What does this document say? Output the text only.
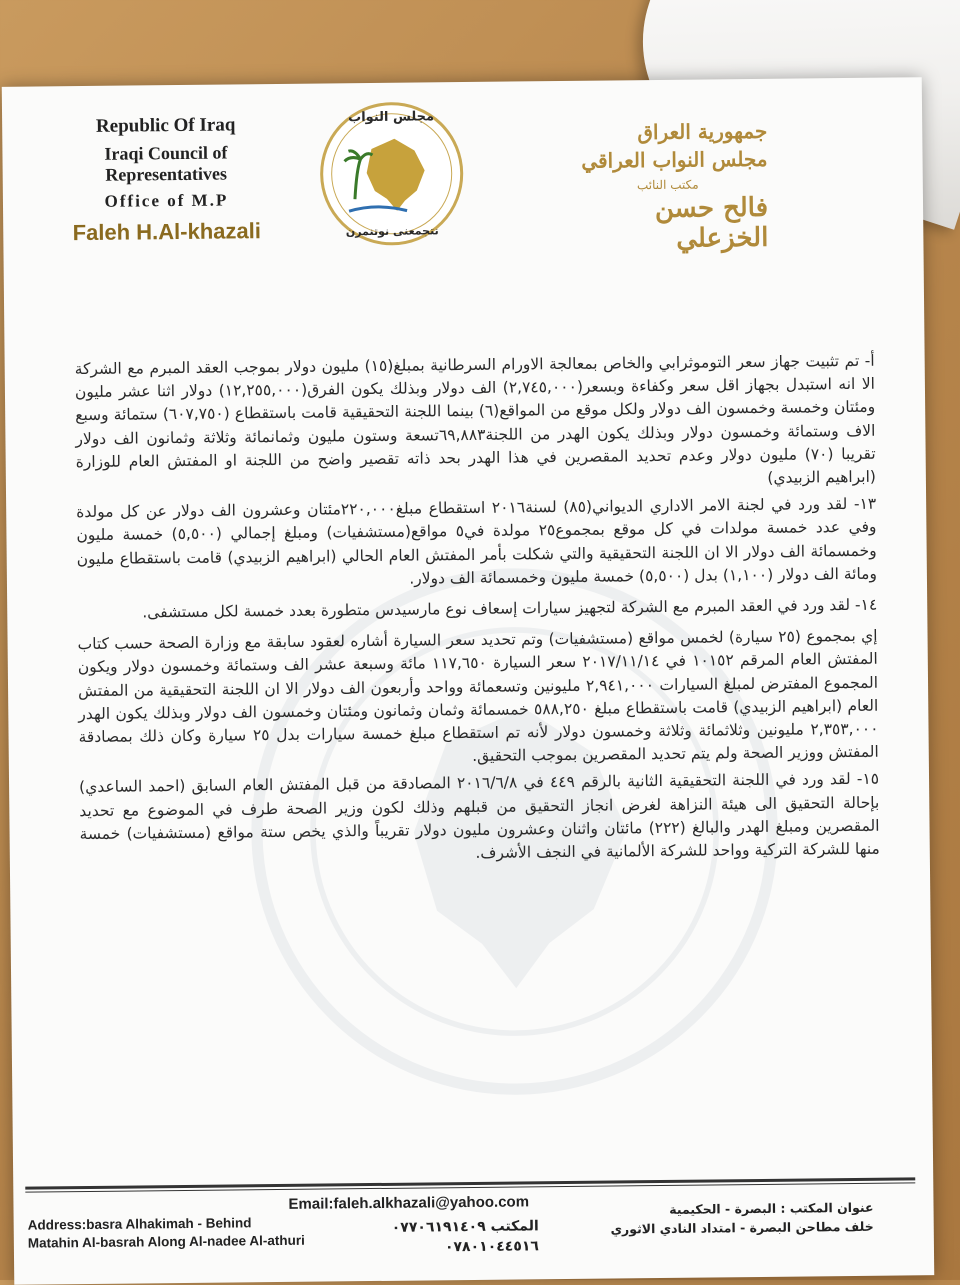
Republic Of Iraq
Iraqi Council of Representatives
Office of M.P
Faleh H.Al-khazali
مجلس النواب
نتجمعنى نوتنمرن
جمهورية العراق
مجلس النواب العراقي
مكتب النائب
فالح حسن الخزعلي

أ- تم تثبيت جهاز سعر التوموثرابي والخاص بمعالجة الاورام السرطانية بمبلغ(١٥) مليون دولار بموجب العقد المبرم مع الشركة الا انه استبدل بجهاز اقل سعر وكفاءة وبسعر(٢,٧٤٥,٠٠٠) الف دولار وبذلك يكون الفرق(١٢,٢٥٥,٠٠٠) دولار اثنا عشر مليون ومئتان وخمسة وخمسون الف دولار ولكل موقع من المواقع(٦) بينما اللجنة التحقيقية قامت باستقطاع (٦٠٧,٧٥٠) ستمائة وسبع الاف وستمائة وخمسون دولار وبذلك يكون الهدر من اللجنة٦٩,٨٨٣تسعة وستون مليون وثمانمائة وثلاثة وثمانون الف دولار تقريبا (٧٠) مليون دولار وعدم تحديد المقصرين في هذا الهدر بحد ذاته تقصير واضح من اللجنة او المفتش العام للوزارة (ابراهيم الزبيدي)

١٣- لقد ورد في لجنة الامر الاداري الديواني(٨٥) لسنة٢٠١٦ استقطاع مبلغ٢٢٠,٠٠٠مئتان وعشرون الف دولار عن كل مولدة وفي عدد خمسة مولدات في كل موقع بمجموع٢٥ مولدة في٥ مواقع(مستشفيات) ومبلغ إجمالي (٥,٥٠٠) خمسة مليون وخمسمائة الف دولار الا ان اللجنة التحقيقية والتي شكلت بأمر المفتش العام الحالي (ابراهيم الزبيدي) قامت باستقطاع مليون ومائة الف دولار (١,١٠٠) بدل (٥,٥٠٠) خمسة مليون وخمسمائة الف دولار.

١٤- لقد ورد في العقد المبرم مع الشركة لتجهيز سيارات إسعاف نوع مارسيدس متطورة بعدد خمسة لكل مستشفى.

إي بمجموع (٢٥ سيارة) لخمس مواقع (مستشفيات) وتم تحديد سعر السيارة أشاره لعقود سابقة مع وزارة الصحة حسب كتاب المفتش العام المرقم ١٠١٥٢ في ٢٠١٧/١١/١٤ سعر السيارة ١١٧,٦٥٠ مائة وسبعة عشر الف وستمائة وخمسون دولار ويكون المجموع المفترض لمبلغ السيارات ٢,٩٤١,٠٠٠ مليونين وتسعمائة وواحد وأربعون الف دولار الا ان اللجنة التحقيقية من المفتش العام (ابراهيم الزبيدي) قامت باستقطاع مبلغ ٥٨٨,٢٥٠ خمسمائة وثمان وثمانون ومئتان وخمسون الف دولار وبذلك يكون الهدر ٢,٣٥٣,٠٠٠ مليونين وثلاثمائة وثلاثة وخمسون دولار لأنه تم استقطاع مبلغ خمسة سيارات بدل ٢٥ سيارة وكان ذلك بمصادقة المفتش ووزير الصحة ولم يتم تحديد المقصرين بموجب التحقيق.

١٥- لقد ورد في اللجنة التحقيقية الثانية بالرقم ٤٤٩ في ٢٠١٦/٦/٨ المصادقة من قبل المفتش العام السابق (احمد الساعدي) بإحالة التحقيق الى هيئة النزاهة لغرض انجاز التحقيق من قبلهم وذلك لكون وزير الصحة طرف في الموضوع مع تحديد المقصرين ومبلغ الهدر والبالغ (٢٢٢) مائتان واثنان وعشرون مليون دولار تقريباً والذي يخص ستة مواقع (مستشفيات) خمسة منها للشركة التركية وواحد للشركة الألمانية في النجف الأشرف.

Email:faleh.alkhazali@yahoo.com
Address:basra Alhakimah - Behind
Matahin Al-basrah Along Al-nadee Al-athuri
المكتب ٠٧٧٠٦١٩١٤٠٩
٠٧٨٠١٠٤٤٥١٦
عنوان المكتب : البصرة - الحكيمية
خلف مطاحن البصرة - امتداد النادي الاثوري
